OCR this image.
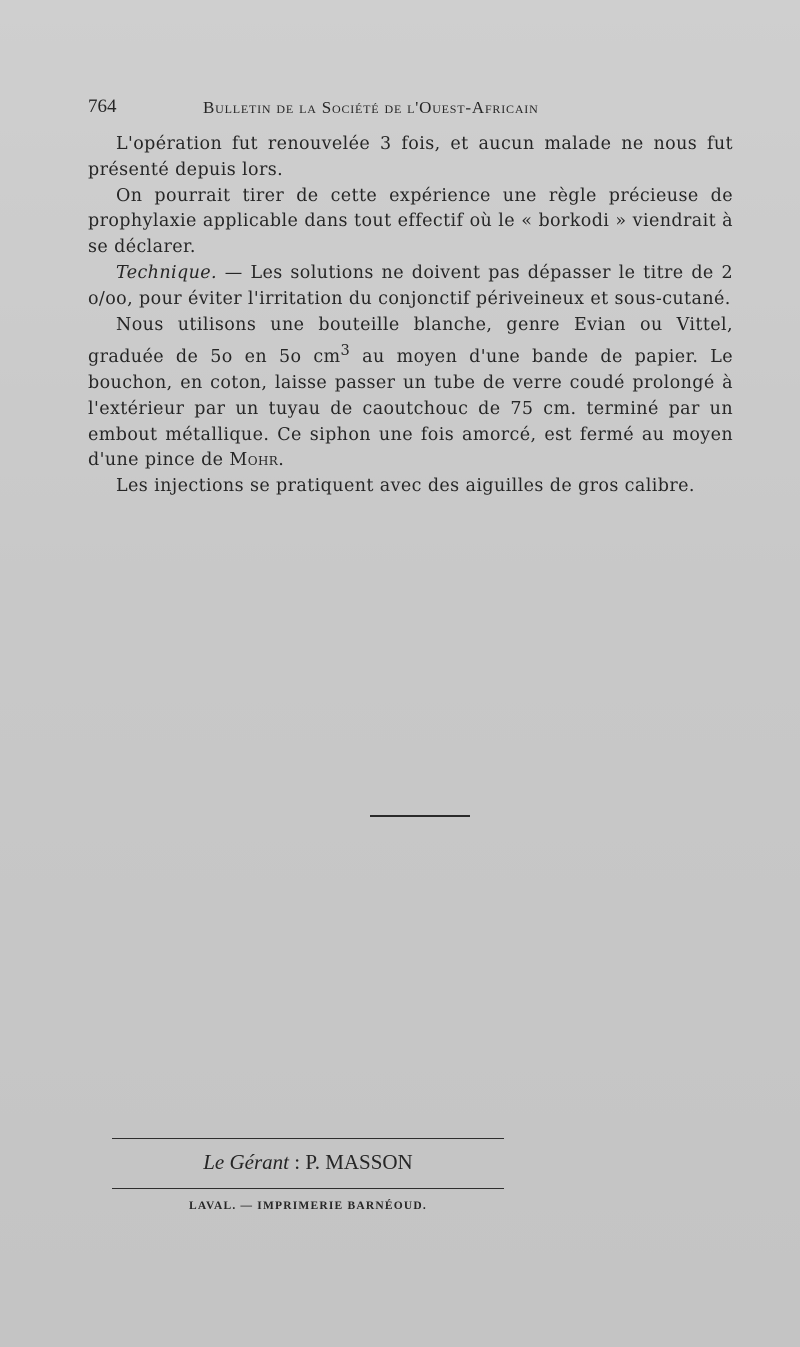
764	Bulletin de la Société de l'Ouest-Africain

L'opération fut renouvelée 3 fois, et aucun malade ne nous fut présenté depuis lors.

On pourrait tirer de cette expérience une règle précieuse de prophylaxie applicable dans tout effectif où le « borkodi » viendrait à se déclarer.

Technique. — Les solutions ne doivent pas dépasser le titre de 2 o/oo, pour éviter l'irritation du conjonctif périveineux et sous-cutané.

Nous utilisons une bouteille blanche, genre Evian ou Vittel, graduée de 5o en 5o $cm^3$ au moyen d'une bande de papier. Le bouchon, en coton, laisse passer un tube de verre coudé prolongé à l'extérieur par un tuyau de caoutchouc de 75 cm. terminé par un embout métallique. Ce siphon une fois amorcé, est fermé au moyen d'une pince de Mohr.

Les injections se pratiquent avec des aiguilles de gros calibre.

Le Gérant : P. MASSON
LAVAL. — IMPRIMERIE BARNÉOUD.
